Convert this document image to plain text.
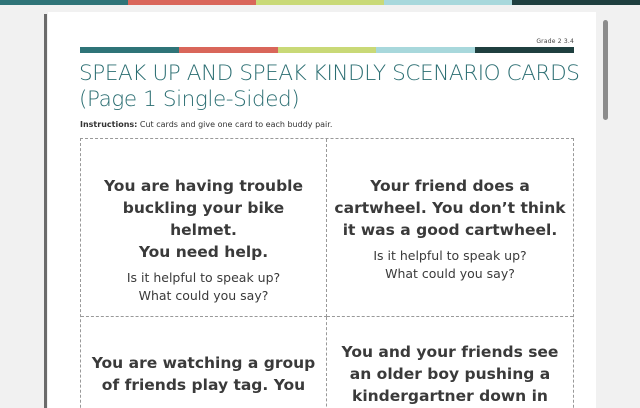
Grade 2 3.4
SPEAK UP AND SPEAK KINDLY SCENARIO CARDS
(Page 1 Single-Sided)
Instructions: Cut cards and give one card to each buddy pair.
You are having trouble
buckling your bike helmet.
You need help.
Is it helpful to speak up?
What could you say?
Your friend does a
cartwheel. You don’t think
it was a good cartwheel.
Is it helpful to speak up?
What could you say?
You are watching a group
of friends play tag. You
You and your friends see
an older boy pushing a
kindergartner down in
